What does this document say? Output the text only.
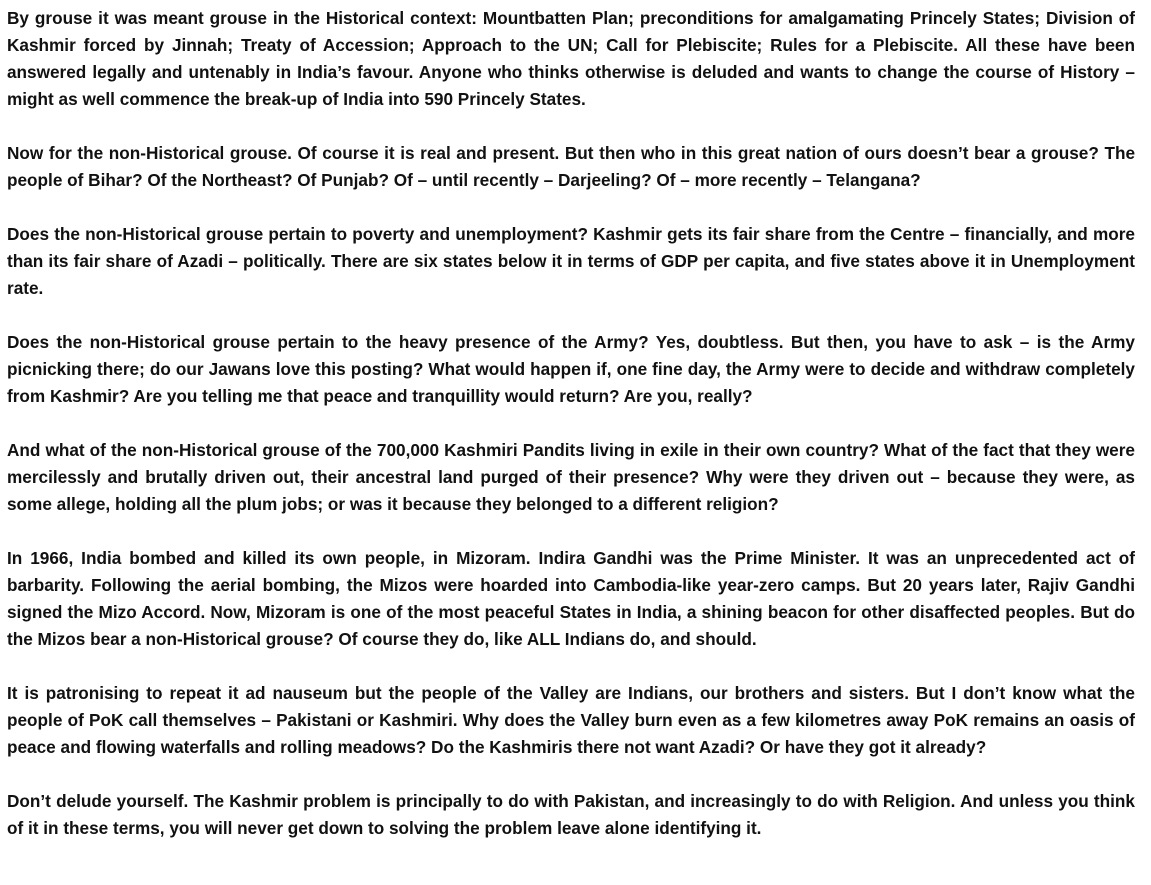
By grouse it was meant grouse in the Historical context: Mountbatten Plan; preconditions for amalgamating Princely States; Division of Kashmir forced by Jinnah; Treaty of Accession; Approach to the UN; Call for Plebiscite; Rules for a Plebiscite. All these have been answered legally and untenably in India’s favour. Anyone who thinks otherwise is deluded and wants to change the course of History – might as well commence the break-up of India into 590 Princely States.

Now for the non-Historical grouse. Of course it is real and present. But then who in this great nation of ours doesn’t bear a grouse? The people of Bihar? Of the Northeast? Of Punjab? Of – until recently – Darjeeling? Of – more recently – Telangana?

Does the non-Historical grouse pertain to poverty and unemployment? Kashmir gets its fair share from the Centre – financially, and more than its fair share of Azadi – politically. There are six states below it in terms of GDP per capita, and five states above it in Unemployment rate.

Does the non-Historical grouse pertain to the heavy presence of the Army? Yes, doubtless. But then, you have to ask – is the Army picnicking there; do our Jawans love this posting? What would happen if, one fine day, the Army were to decide and withdraw completely from Kashmir? Are you telling me that peace and tranquillity would return? Are you, really?

And what of the non-Historical grouse of the 700,000 Kashmiri Pandits living in exile in their own country? What of the fact that they were mercilessly and brutally driven out, their ancestral land purged of their presence? Why were they driven out – because they were, as some allege, holding all the plum jobs; or was it because they belonged to a different religion?

In 1966, India bombed and killed its own people, in Mizoram. Indira Gandhi was the Prime Minister. It was an unprecedented act of barbarity. Following the aerial bombing, the Mizos were hoarded into Cambodia-like year-zero camps. But 20 years later, Rajiv Gandhi signed the Mizo Accord. Now, Mizoram is one of the most peaceful States in India, a shining beacon for other disaffected peoples. But do the Mizos bear a non-Historical grouse? Of course they do, like ALL Indians do, and should.

It is patronising to repeat it ad nauseum but the people of the Valley are Indians, our brothers and sisters. But I don’t know what the people of PoK call themselves – Pakistani or Kashmiri. Why does the Valley burn even as a few kilometres away PoK remains an oasis of peace and flowing waterfalls and rolling meadows? Do the Kashmiris there not want Azadi? Or have they got it already?

Don’t delude yourself. The Kashmir problem is principally to do with Pakistan, and increasingly to do with Religion. And unless you think of it in these terms, you will never get down to solving the problem leave alone identifying it.
